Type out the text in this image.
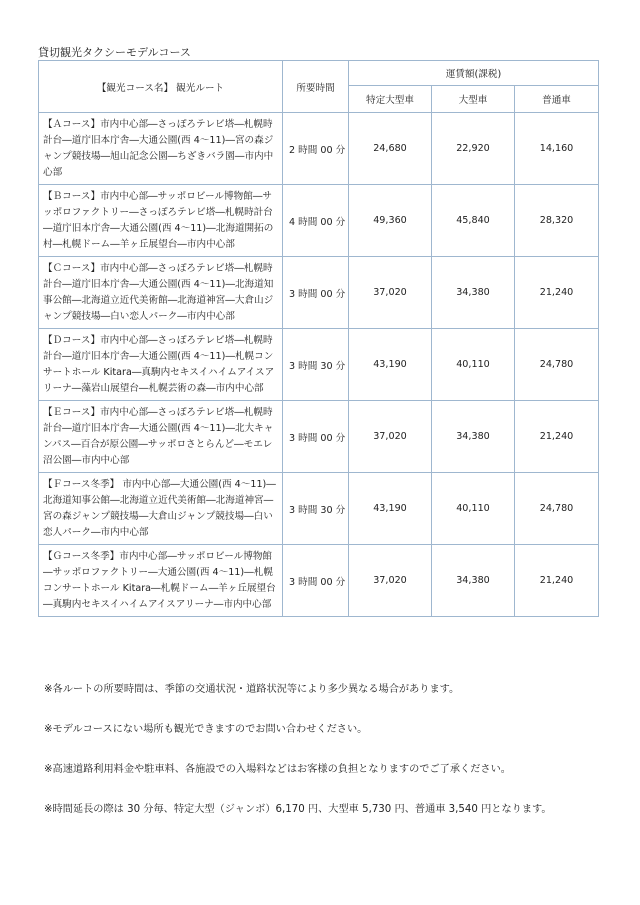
貸切観光タクシーモデルコース
【観光コース名】 観光ルート	所要時間	運賃額(課税)		
		特定大型車	大型車	普通車
【Ａコース】市内中心部―さっぽろテレビ塔―札幌時計台―道庁旧本庁舎―大通公園(西 4～11)―宮の森ジャンプ競技場―旭山記念公園―ちざきバラ園―市内中心部	2 時間 00 分	24,680	22,920	14,160
【Ｂコース】市内中心部―サッポロビール博物館―サッポロファクトリー―さっぽろテレビ塔―札幌時計台―道庁旧本庁舎―大通公園(西 4～11)―北海道開拓の村―札幌ドーム―羊ヶ丘展望台―市内中心部	4 時間 00 分	49,360	45,840	28,320
【Ｃコース】市内中心部―さっぽろテレビ塔―札幌時計台―道庁旧本庁舎―大通公園(西 4～11)―北海道知事公館―北海道立近代美術館―北海道神宮―大倉山ジャンプ競技場―白い恋人パーク―市内中心部	3 時間 00 分	37,020	34,380	21,240
【Ｄコース】市内中心部―さっぽろテレビ塔―札幌時計台―道庁旧本庁舎―大通公園(西 4～11)―札幌コンサートホール Kitara―真駒内セキスイハイムアイスアリーナ―藻岩山展望台―札幌芸術の森―市内中心部	3 時間 30 分	43,190	40,110	24,780
【Ｅコース】市内中心部―さっぽろテレビ塔―札幌時計台―道庁旧本庁舎―大通公園(西 4～11)―北大キャンパス―百合が原公園―サッポロさとらんど―モエレ沼公園―市内中心部	3 時間 00 分	37,020	34,380	21,240
【Ｆコース冬季】 市内中心部―大通公園(西 4～11)―北海道知事公館―北海道立近代美術館―北海道神宮―宮の森ジャンプ競技場―大倉山ジャンプ競技場―白い恋人パーク―市内中心部	3 時間 30 分	43,190	40,110	24,780
【Ｇコース冬季】市内中心部―サッポロビール博物館―サッポロファクトリー―大通公園(西 4～11)―札幌コンサートホール Kitara―札幌ドーム―羊ヶ丘展望台―真駒内セキスイハイムアイスアリーナ―市内中心部	3 時間 00 分	37,020	34,380	21,240

※各ルートの所要時間は、季節の交通状況・道路状況等により多少異なる場合があります。

※モデルコースにない場所も観光できますのでお問い合わせください。

※高速道路利用料金や駐車料、各施設での入場料などはお客様の負担となりますのでご了承ください。

※時間延長の際は 30 分毎、特定大型（ジャンボ）6,170 円、大型車 5,730 円、普通車 3,540 円となります。
